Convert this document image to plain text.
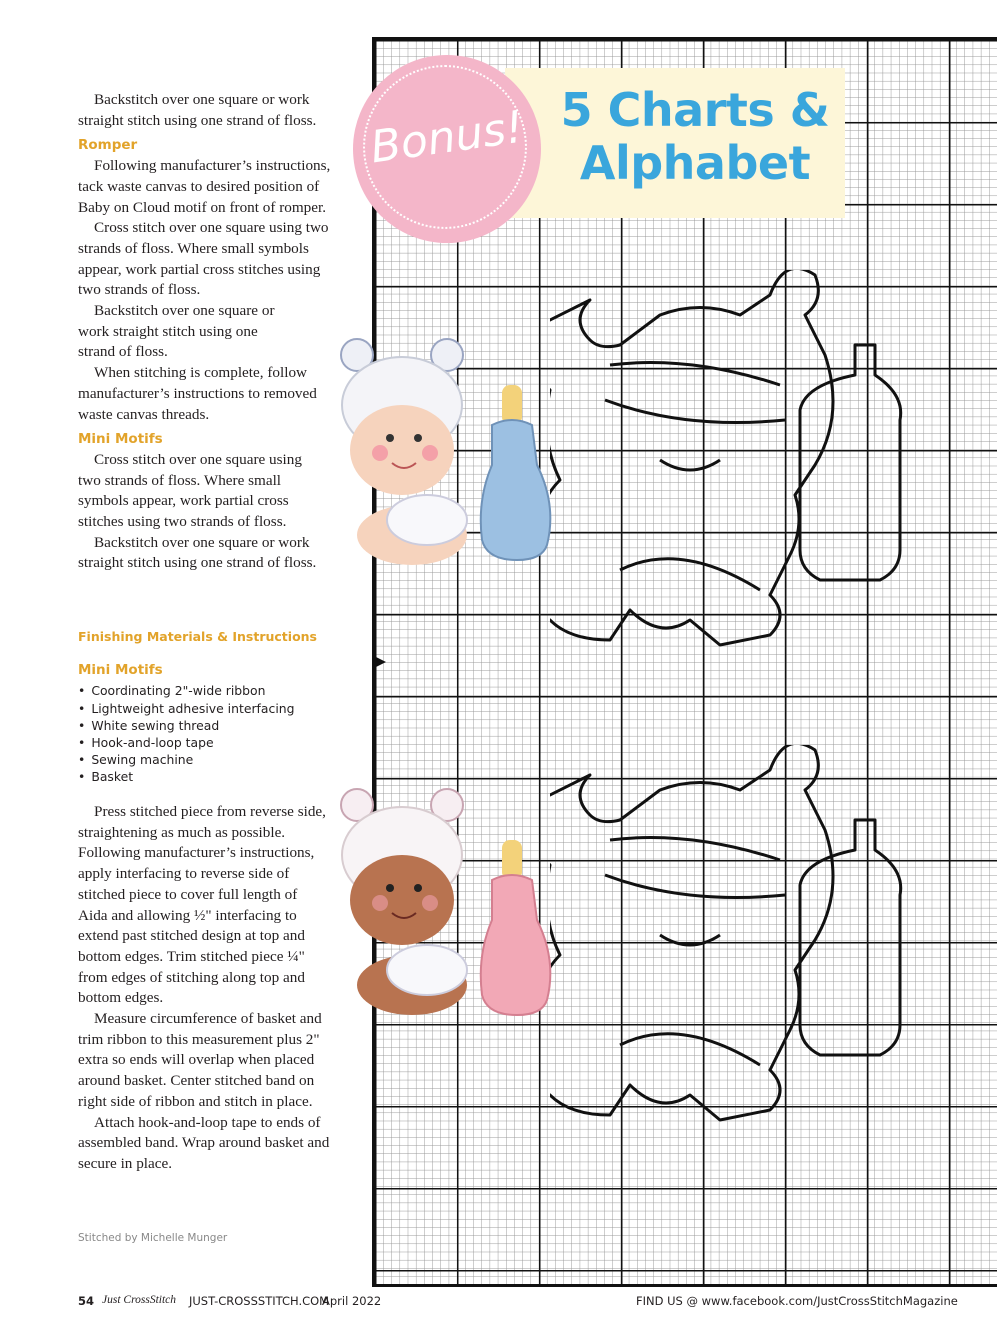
Backstitch over one square or work straight stitch using one strand of floss.

Romper

Following manufacturer’s instructions, tack waste canvas to desired position of Baby on Cloud motif on front of romper.

Cross stitch over one square using two strands of floss. Where small symbols appear, work partial cross stitches using two strands of floss.

Backstitch over one square or work straight stitch using one strand of floss.

When stitching is complete, follow manufacturer’s instructions to removed waste canvas threads.

Mini Motifs

Cross stitch over one square using two strands of floss. Where small symbols appear, work partial cross stitches using two strands of floss.

Backstitch over one square or work straight stitch using one strand of floss.

Finishing Materials & Instructions
Mini Motifs
• Coordinating 2"-wide ribbon
• Lightweight adhesive interfacing
• White sewing thread
• Hook-and-loop tape
• Sewing machine
• Basket

Press stitched piece from reverse side, straightening as much as possible. Following manufacturer’s instructions, apply interfacing to reverse side of stitched piece to cover full length of Aida and allowing ½" interfacing to extend past stitched design at top and bottom edges. Trim stitched piece ¼" from edges of stitching along top and bottom edges.

Measure circumference of basket and trim ribbon to this measurement plus 2" extra so ends will overlap when placed around basket. Center stitched band on right side of ribbon and stitch in place.

Attach hook-and-loop tape to ends of assembled band. Wrap around basket and secure in place.

Stitched by Michelle Munger
5 Charts &
Alphabet
Bonus!
54 Just CrossStitch JUST-CROSSSTITCH.COM
April 2022	FIND US @ www.facebook.com/JustCrossStitchMagazine
